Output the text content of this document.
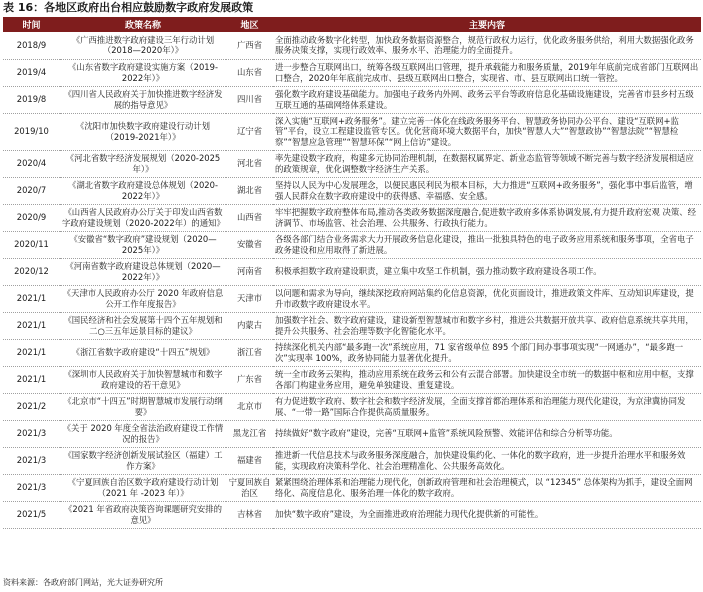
表 16：各地区政府出台相应鼓励数字政府发展政策
时间	政策名称	地区	主要内容
2018/9	《广西推进数字政府建设三年行动计划（2018—2020年）》	广西省	全面推动政务数字化转型，加快政务数据资源整合，规范行政权力运行，优化政务服务供给，利用大数据强化政务服务决策支撑，实现行政效率、服务水平、治理能力的全面提升。
2019/4	《山东省数字政府建设实施方案（2019-2022年）》	山东省	进一步整合互联网出口，统筹各级互联网出口管理，提升承载能力和服务质量，2019年年底前完成省部门互联网出口整合，2020年年底前完成市、县级互联网出口整合，实现省、市、县互联网出口统一管控。
2019/8	《四川省人民政府关于加快推进数字经济发展的指导意见》	四川省	强化数字政府建设基础能力。加强电子政务内外网、政务云平台等政府信息化基础设施建设，完善省市县乡村五级互联互通的基础网络体系建设。
2019/10	《沈阳市加快数字政府建设行动计划（2019-2021年）》	辽宁省	深入实施“互联网+政务服务”。建立完善一体化在线政务服务平台、智慧政务协同办公平台、建设“互联网+监管”平台，设立工程建设监管专区。优化营商环境大数据平台，加快“智慧人大”“智慧政协”“智慧法院”“智慧检察”“智慧应急管理”“智慧环保”“网上信访”建设。
2020/4	《河北省数字经济发展规划（2020-2025年）》	河北省	率先建设数字政府，构建多元协同治理机制，在数据权属界定、新业态监管等领域不断完善与数字经济发展相适应的政策规章，优化调整数字经济生产关系。
2020/7	《湖北省数字政府建设总体规划（2020-2022年）》	湖北省	坚持以人民为中心发展理念，以便民惠民利民为根本目标，大力推进“互联网+政务服务”，强化事中事后监管，增强人民群众在数字政府建设中的获得感、幸福感、安全感。
2020/9	《山西省人民政府办公厅关于印发山西省数字政府建设规划（2020-2022年）的通知》	山西省	牢牢把握数字政府整体布局,推动各类政务数据深度融合,促进数字政府多体系协调发展,有力提升政府宏观 决策、经济调节、市场监管、社会治理、公共服务、行政执行能力。
2020/11	《安徽省“数字政府”建设规划（2020—2025年）》	安徽省	各级各部门结合业务需求大力开展政务信息化建设，推出一批独具特色的电子政务应用系统和服务事项，全省电子政务建设和应用取得了新进展。
2020/12	《河南省数字政府建设总体规划（2020—2022年）》	河南省	积极承担数字政府建设职责，建立集中攻坚工作机制，强力推动数字政府建设各项工作。
2021/1	《天津市人民政府办公厅 2020 年政府信息公开工作年度报告》	天津市	以问题和需求为导向，继续深挖政府网站集约化信息资源，优化页面设计，推进政策文件库、互动知识库建设，提升市政数字政府建设水平。
2021/1	《国民经济和社会发展第十四个五年规划和二○三五年远景目标的建议》	内蒙古	加强数字社会、数字政府建设，建设新型智慧城市和数字乡村，推进公共数据开放共享、政府信息系统共享共用，提升公共服务、社会治理等数字化智能化水平。
2021/1	《浙江省数字政府建设“十四五”规划》	浙江省	持续深化机关内部“最多跑一次”系统应用，71 家省级单位 895 个部门间办事事项实现“一网通办”，“最多跑一次”实现率 100%，政务协同能力显著优化提升。
2021/1	《深圳市人民政府关于加快智慧城市和数字政府建设的若干意见》	广东省	统一全市政务云架构，推动应用系统在政务云和公有云混合部署。加快建设全市统一的数据中枢和应用中枢，支撑各部门构建业务应用，避免单独建设、重复建设。
2021/2	《北京市“十四五”时期智慧城市发展行动纲要》	北京市	有力促进数字政府、数字社会和数字经济发展，全面支撑首都治理体系和治理能力现代化建设，为京津冀协同发展、“一带一路”国际合作提供高质量服务。
2021/3	《关于 2020 年度全省法治政府建设工作情况的报告》	黑龙江省	持续做好“数字政府”建设，完善“互联网+监管”系统风险预警、效能评估和综合分析等功能。
2021/3	《国家数字经济创新发展试验区（福建）工作方案》	福建省	推进新一代信息技术与政务服务深度融合，加快建设集约化、一体化的数字政府，进一步提升治理水平和服务效能，实现政府决策科学化、社会治理精准化、公共服务高效化。
2021/3	《宁夏回族自治区数字政府建设行动计划（2021 年 -2023 年）》	宁夏回族自治区	紧紧围绕治理体系和治理能力现代化，创新政府管理和社会治理模式，以 “12345” 总体架构为抓手，建设全面网络化、高度信息化、服务治理一体化的数字政府。
2021/5	《2021 年省政府决策咨询课题研究安排的意见》	吉林省	加快“数字政府”建设，为全面推进政府治理能力现代化提供新的可能性。
资料来源：各政府部门网站，光大证券研究所
